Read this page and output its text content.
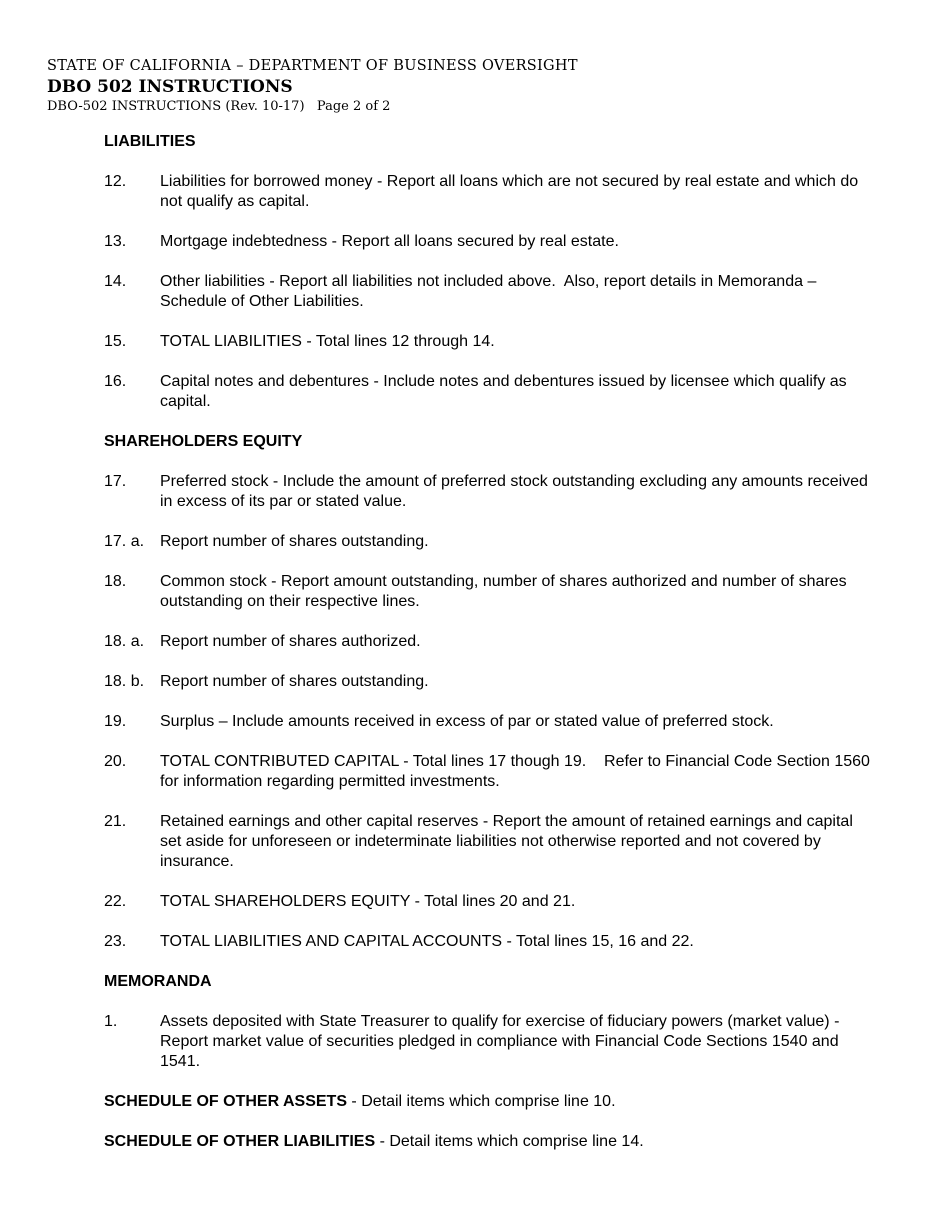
STATE OF CALIFORNIA – DEPARTMENT OF BUSINESS OVERSIGHT
DBO 502 INSTRUCTIONS
DBO-502 INSTRUCTIONS (Rev. 10-17)   Page 2 of 2
LIABILITIES
12.	Liabilities for borrowed money - Report all loans which are not secured by real estate and which do not qualify as capital.
13.	Mortgage indebtedness - Report all loans secured by real estate.
14.	Other liabilities - Report all liabilities not included above.  Also, report details in Memoranda – Schedule of Other Liabilities.
15.	TOTAL LIABILITIES - Total lines 12 through 14.
16.	Capital notes and debentures - Include notes and debentures issued by licensee which qualify as capital.
SHAREHOLDERS EQUITY
17.	Preferred stock - Include the amount of preferred stock outstanding excluding any amounts received in excess of its par or stated value.
17. a. Report number of shares outstanding.
18.	Common stock - Report amount outstanding, number of shares authorized and number of shares outstanding on their respective lines.
18. a. Report number of shares authorized.
18. b. Report number of shares outstanding.
19.	Surplus – Include amounts received in excess of par or stated value of preferred stock.
20.	TOTAL CONTRIBUTED CAPITAL - Total lines 17 though 19.    Refer to Financial Code Section 1560 for information regarding permitted investments.
21.	Retained earnings and other capital reserves - Report the amount of retained earnings and capital set aside for unforeseen or indeterminate liabilities not otherwise reported and not covered by insurance.
22.	TOTAL SHAREHOLDERS EQUITY - Total lines 20 and 21.
23.	TOTAL LIABILITIES AND CAPITAL ACCOUNTS - Total lines 15, 16 and 22.
MEMORANDA
1.	Assets deposited with State Treasurer to qualify for exercise of fiduciary powers (market value) - Report market value of securities pledged in compliance with Financial Code Sections 1540 and 1541.
SCHEDULE OF OTHER ASSETS - Detail items which comprise line 10.
SCHEDULE OF OTHER LIABILITIES - Detail items which comprise line 14.
